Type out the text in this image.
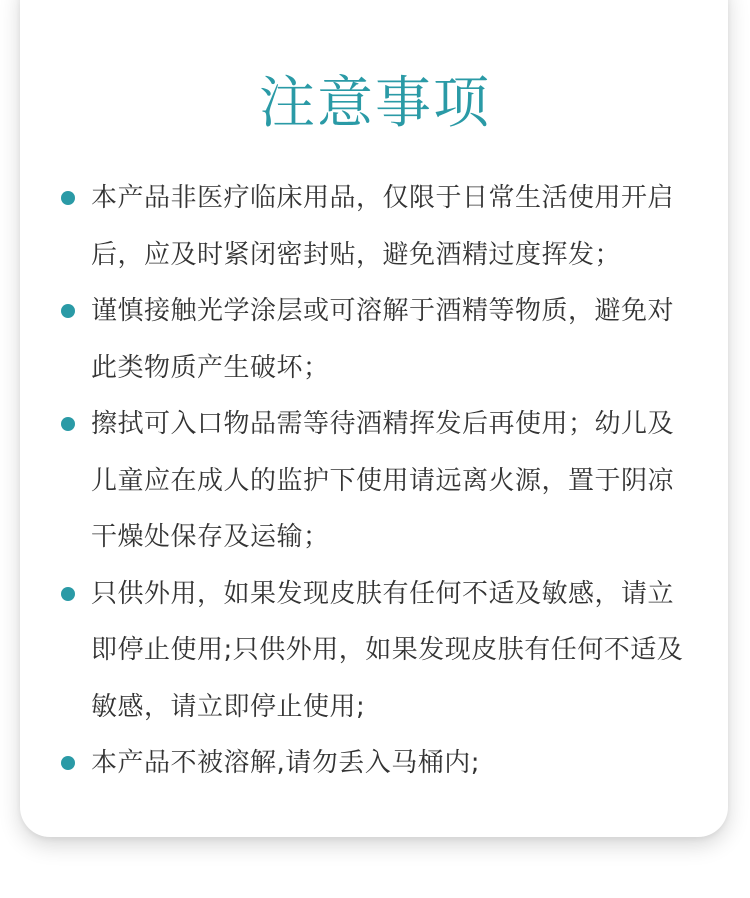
注意事项
本产品非医疗临床用品，仅限于日常生活使用开启后，应及时紧闭密封贴，避免酒精过度挥发；
谨慎接触光学涂层或可溶解于酒精等物质，避免对此类物质产生破坏；
擦拭可入口物品需等待酒精挥发后再使用；幼儿及儿童应在成人的监护下使用请远离火源，置于阴凉干燥处保存及运输；
只供外用，如果发现皮肤有任何不适及敏感，请立即停止使用;只供外用，如果发现皮肤有任何不适及敏感，请立即停止使用;
本产品不被溶解,请勿丢入马桶内;
